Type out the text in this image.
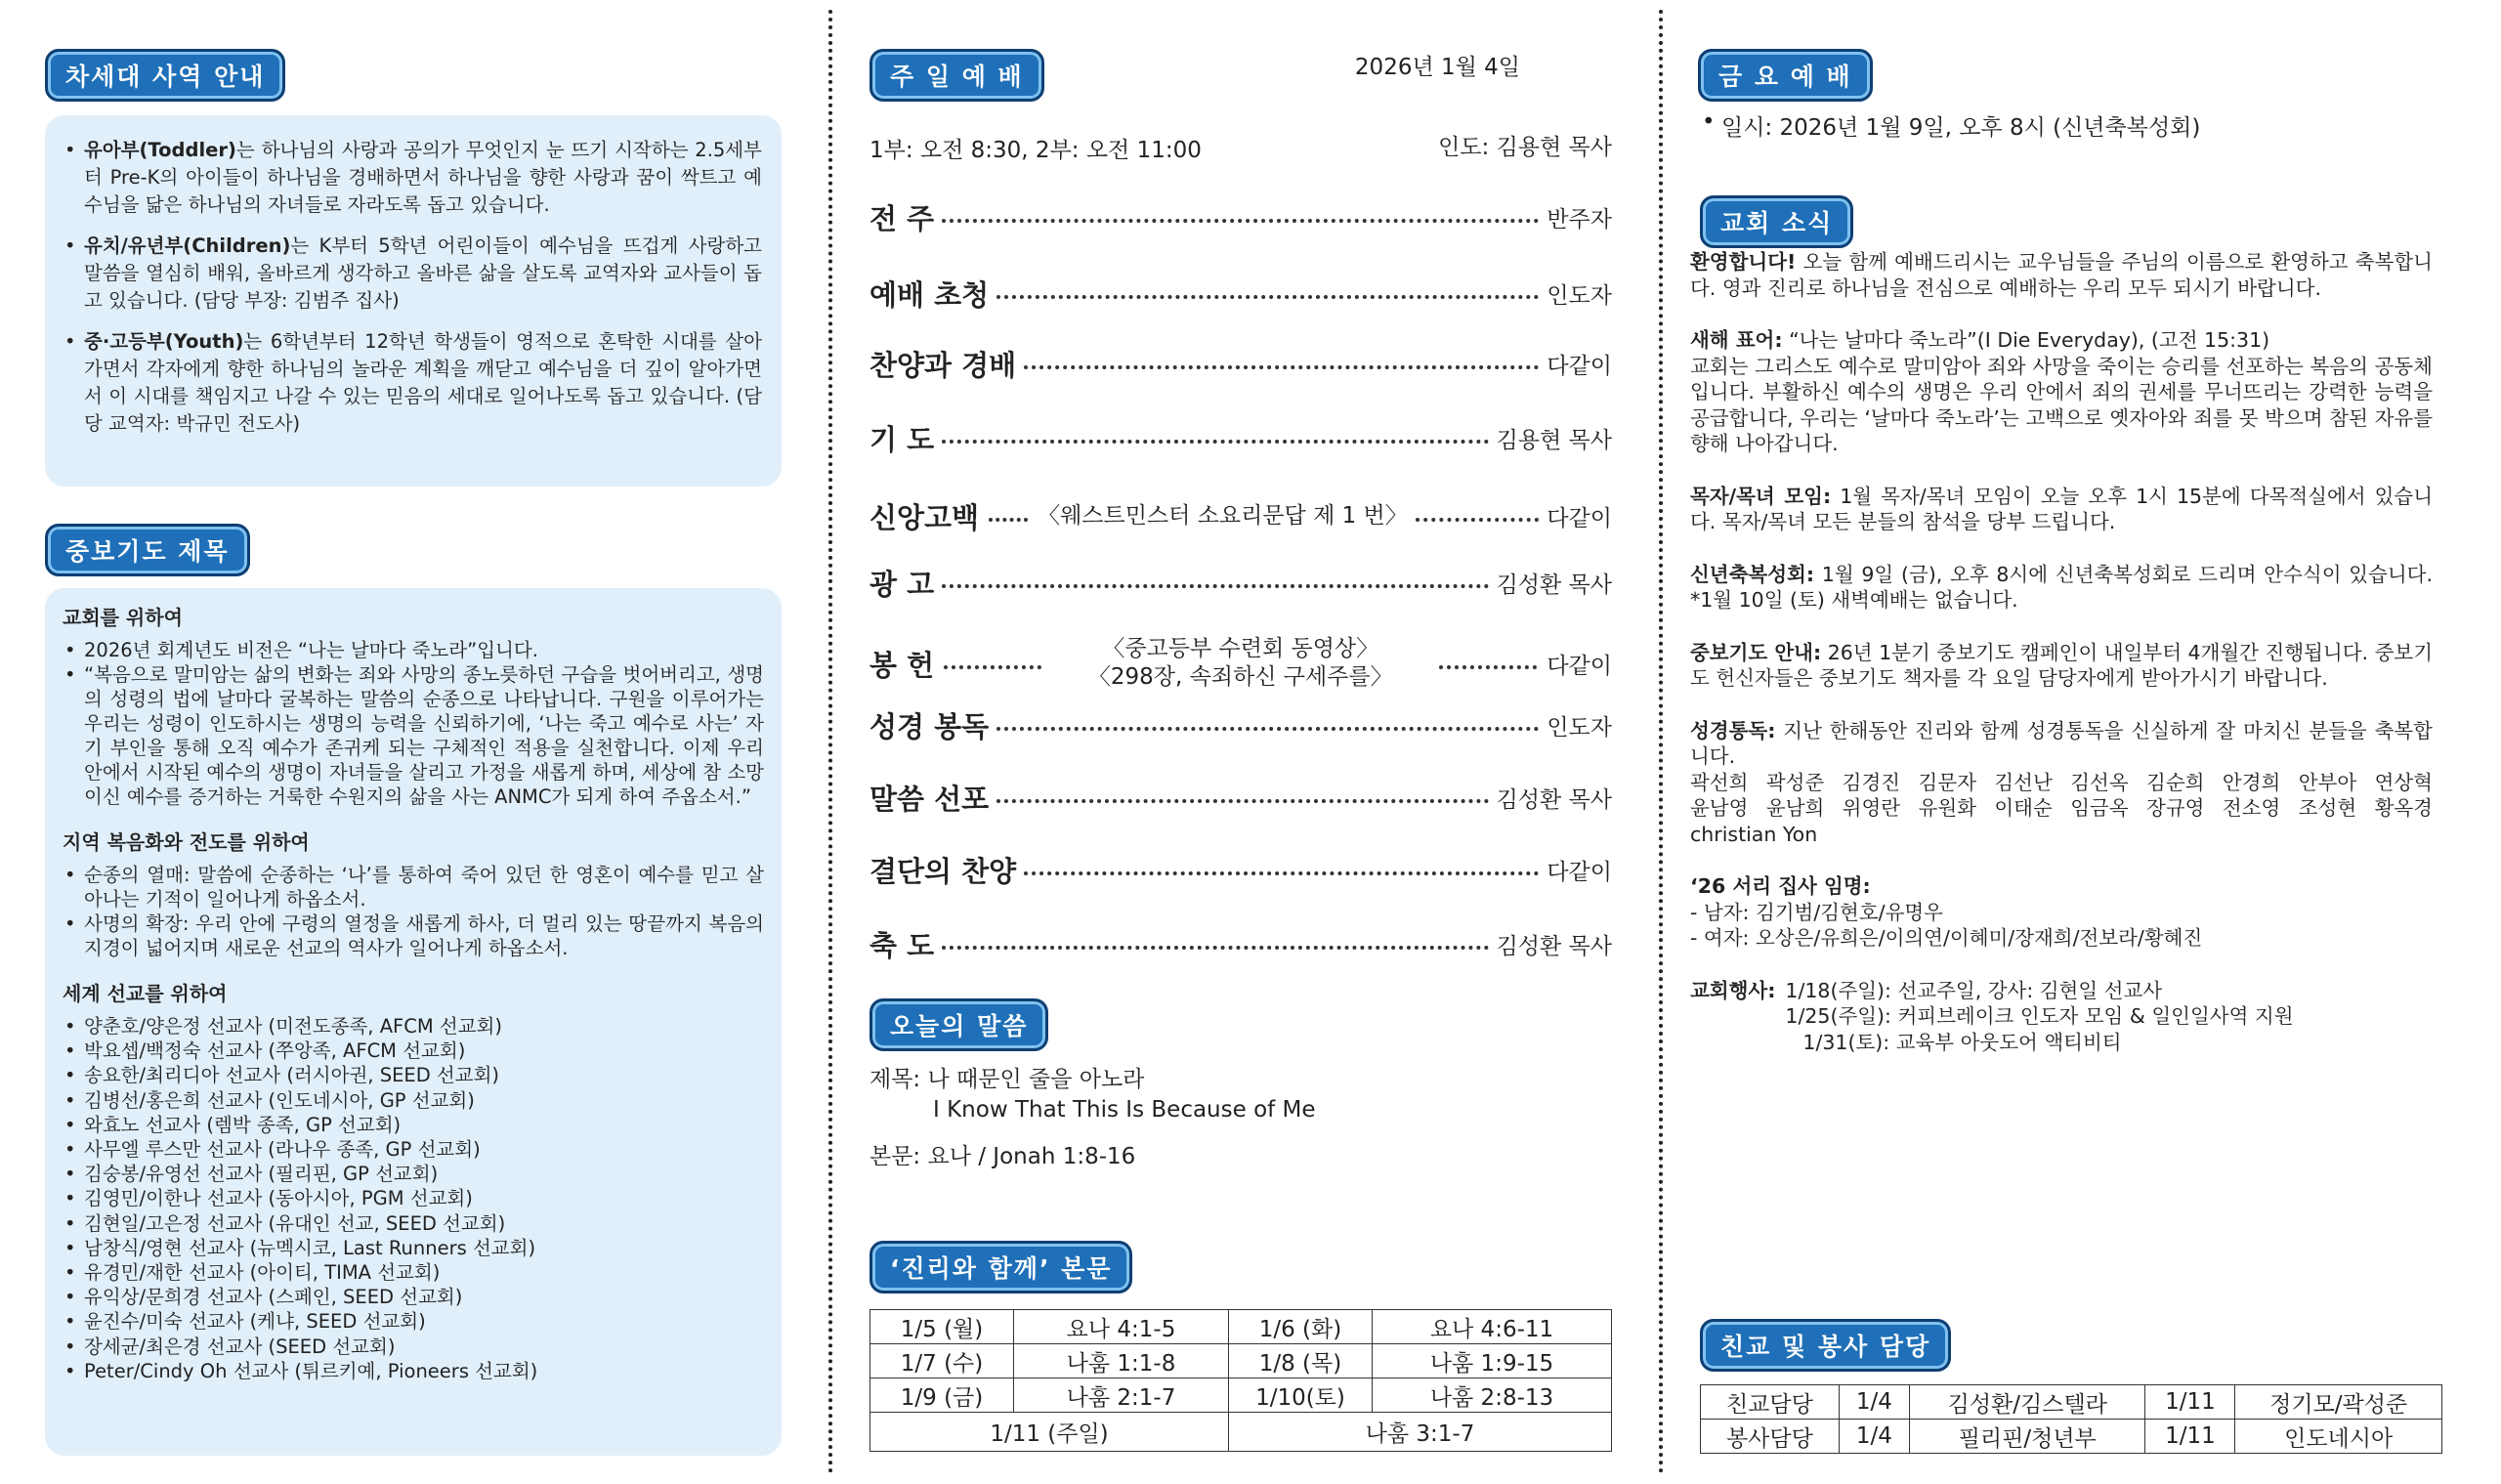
차세대 사역 안내
• 유아부(Toddler)는 하나님의 사랑과 공의가 무엇인지 눈 뜨기 시작하는 2.5세부터 Pre-K의 아이들이 하나님을 경배하면서 하나님을 향한 사랑과 꿈이 싹트고 예수님을 닮은 하나님의 자녀들로 자라도록 돕고 있습니다.
• 유치/유년부(Children)는 K부터 5학년 어린이들이 예수님을 뜨겁게 사랑하고 말씀을 열심히 배워, 올바르게 생각하고 올바른 삶을 살도록 교역자와 교사들이 돕고 있습니다. (담당 부장: 김범주 집사)
• 중·고등부(Youth)는 6학년부터 12학년 학생들이 영적으로 혼탁한 시대를 살아가면서 각자에게 향한 하나님의 놀라운 계획을 깨닫고 예수님을 더 깊이 알아가면서 이 시대를 책임지고 나갈 수 있는 믿음의 세대로 일어나도록 돕고 있습니다. (담당 교역자: 박규민 전도사)
중보기도 제목
교회를 위하여
• 2026년 회계년도 비전은 “나는 날마다 죽노라”입니다.
• “복음으로 말미암는 삶의 변화는 죄와 사망의 종노릇하던 구습을 벗어버리고, 생명의 성령의 법에 날마다 굴복하는 말씀의 순종으로 나타납니다. 구원을 이루어가는 우리는 성령이 인도하시는 생명의 능력을 신뢰하기에, ‘나는 죽고 예수로 사는’ 자기 부인을 통해 오직 예수가 존귀케 되는 구체적인 적용을 실천합니다. 이제 우리 안에서 시작된 예수의 생명이 자녀들을 살리고 가정을 새롭게 하며, 세상에 참 소망이신 예수를 증거하는 거룩한 수원지의 삶을 사는 ANMC가 되게 하여 주옵소서.”
지역 복음화와 전도를 위하여
• 순종의 열매: 말씀에 순종하는 ‘나’를 통하여 죽어 있던 한 영혼이 예수를 믿고 살아나는 기적이 일어나게 하옵소서.
• 사명의 확장: 우리 안에 구령의 열정을 새롭게 하사, 더 멀리 있는 땅끝까지 복음의 지경이 넓어지며 새로운 선교의 역사가 일어나게 하옵소서.
세계 선교를 위하여
• 양춘호/양은정 선교사 (미전도종족, AFCM 선교회)
• 박요셉/백정숙 선교사 (쭈앙족, AFCM 선교회)
• 송요한/최리디아 선교사 (러시아권, SEED 선교회)
• 김병선/홍은희 선교사 (인도네시아, GP 선교회)
• 와효노 선교사 (렘박 종족, GP 선교회)
• 사무엘 루스만 선교사 (라나우 종족, GP 선교회)
• 김숭봉/유영선 선교사 (필리핀, GP 선교회)
• 김영민/이한나 선교사 (동아시아, PGM 선교회)
• 김현일/고은정 선교사 (유대인 선교, SEED 선교회)
• 남창식/영현 선교사 (뉴멕시코, Last Runners 선교회)
• 유경민/재한 선교사 (아이티, TIMA 선교회)
• 유익상/문희경 선교사 (스페인, SEED 선교회)
• 윤진수/미숙 선교사 (케냐, SEED 선교회)
• 장세균/최은경 선교사 (SEED 선교회)
• Peter/Cindy Oh 선교사 (튀르키예, Pioneers 선교회)
주 일 예 배	2026년 1월 4일
1부: 오전 8:30, 2부: 오전 11:00	인도: 김용현 목사
전 주	반주자
예배 초청	인도자
찬양과 경배	다같이
기 도	김용현 목사
신앙고백	〈웨스트민스터 소요리문답 제 1 번〉	다같이
광 고	김성환 목사
봉 헌	〈중고등부 수련회 동영상〉
〈298장, 속죄하신 구세주를〉	다같이
성경 봉독	인도자
말씀 선포	김성환 목사
결단의 찬양	다같이
축 도	김성환 목사
오늘의 말씀
제목: 나 때문인 줄을 아노라
I Know That This Is Because of Me
본문: 요나 / Jonah 1:8-16
‘진리와 함께’ 본문
1/5 (월)	요나 4:1-5	1/6 (화)	요나 4:6-11
1/7 (수)	나훔 1:1-8	1/8 (목)	나훔 1:9-15
1/9 (금)	나훔 2:1-7	1/10(토)	나훔 2:8-13
1/11 (주일)		나훔 3:1-7	
금 요 예 배
• 일시: 2026년 1월 9일, 오후 8시 (신년축복성회)
교회 소식

환영합니다! 오늘 함께 예배드리시는 교우님들을 주님의 이름으로 환영하고 축복합니다. 영과 진리로 하나님을 전심으로 예배하는 우리 모두 되시기 바랍니다.

새해 표어: “나는 날마다 죽노라”(I Die Everyday), (고전 15:31)
교회는 그리스도 예수로 말미암아 죄와 사망을 죽이는 승리를 선포하는 복음의 공동체입니다. 부활하신 예수의 생명은 우리 안에서 죄의 권세를 무너뜨리는 강력한 능력을 공급합니다, 우리는 ‘날마다 죽노라’는 고백으로 옛자아와 죄를 못 박으며 참된 자유를 향해 나아갑니다.

목자/목녀 모임: 1월 목자/목녀 모임이 오늘 오후 1시 15분에 다목적실에서 있습니다. 목자/목녀 모든 분들의 참석을 당부 드립니다.

신년축복성회: 1월 9일 (금), 오후 8시에 신년축복성회로 드리며 안수식이 있습니다. *1월 10일 (토) 새벽예배는 없습니다.

중보기도 안내: 26년 1분기 중보기도 캠페인이 내일부터 4개월간 진행됩니다. 중보기도 헌신자들은 중보기도 책자를 각 요일 담당자에게 받아가시기 바랍니다.

성경통독: 지난 한해동안 진리와 함께 성경통독을 신실하게 잘 마치신 분들을 축복합니다.

곽선희 곽성준 김경진 김문자 김선난 김선옥 김순희 안경희 안부아 연상혁
윤남영 윤남희 위영란 유원화 이태순 임금옥 장규영 전소영 조성현 황옥경
christian Yon

‘26 서리 집사 임명:
- 남자: 김기범/김현호/유명우
- 여자: 오상은/유희은/이의연/이혜미/장재희/전보라/황혜진

교회행사: 1/18(주일): 선교주일, 강사: 김현일 선교사
1/25(주일): 커피브레이크 인도자 모임 & 일인일사역 지원
1/31(토): 교육부 아웃도어 액티비티
친교 및 봉사 담당
친교담당	1/4	김성환/김스텔라	1/11	정기모/곽성준
봉사담당	1/4	필리핀/청년부	1/11	인도네시아
